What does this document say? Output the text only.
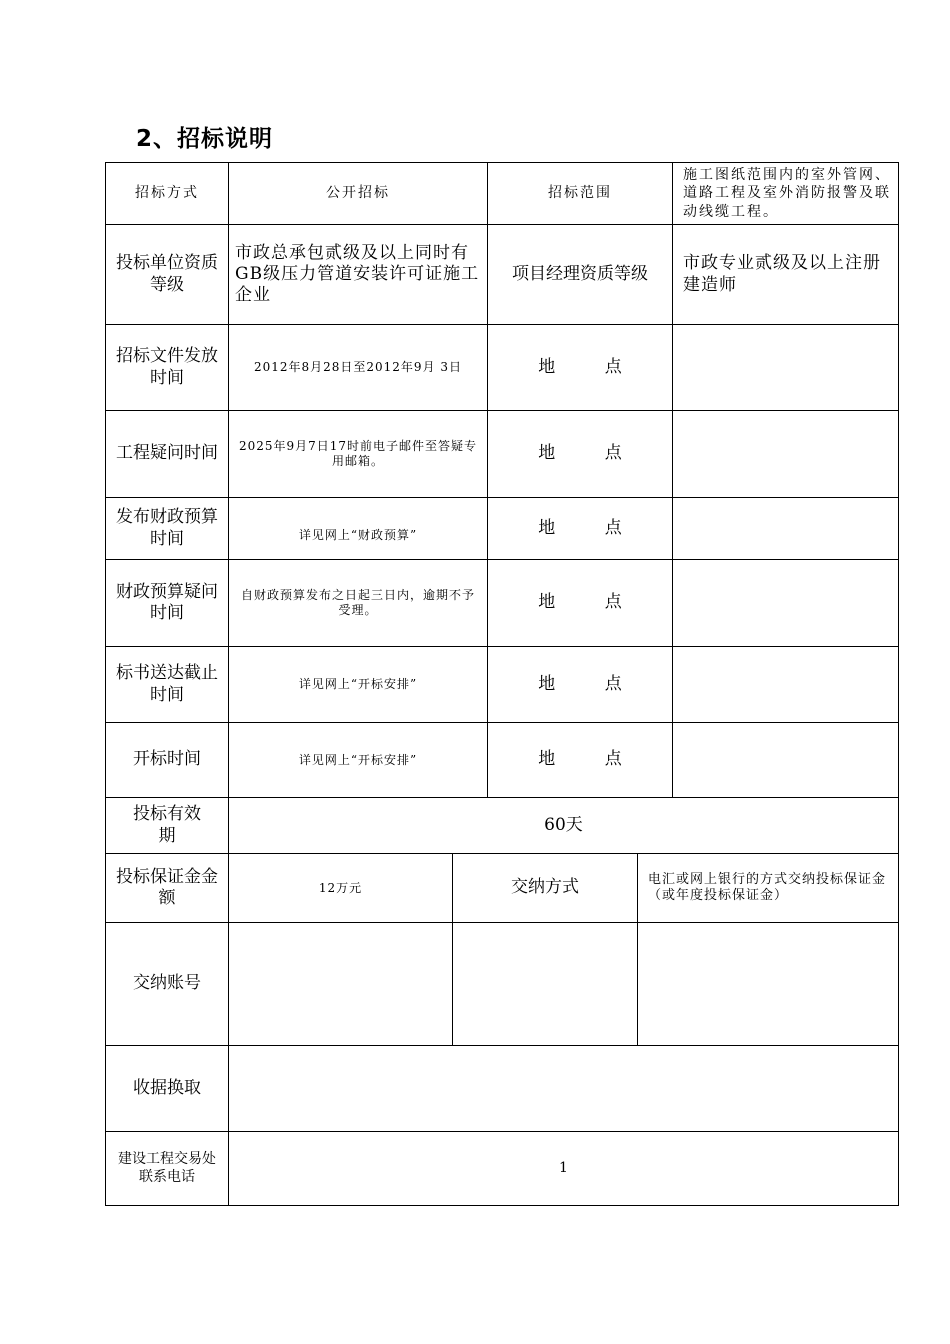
2、招标说明
招标方式	公开招标		招标范围		施工图纸范围内的室外管网、道路工程及室外消防报警及联动线缆工程。
投标单位资质等级	市政总承包贰级及以上同时有GB级压力管道安装许可证施工企业		项目经理资质等级		市政专业贰级及以上注册建造师
招标文件发放时间	2012年8月28日至2012年9月 3日		地 点		
工程疑问时间	2025年9月7日17时前电子邮件至答疑专用邮箱。		地 点		
发布财政预算时间	详见网上“财政预算”		地 点		
财政预算疑问时间	自财政预算发布之日起三日内，逾期不予受理。		地 点		
标书送达截止时间	详见网上“开标安排”		地 点		
开标时间	详见网上“开标安排”		地 点		
投标有效期	60天				
投标保证金金额	12万元	交纳方式		电汇或网上银行的方式交纳投标保证金（或年度投标保证金）	
交纳账号					
收据换取					
建设工程交易处联系电话	1				
